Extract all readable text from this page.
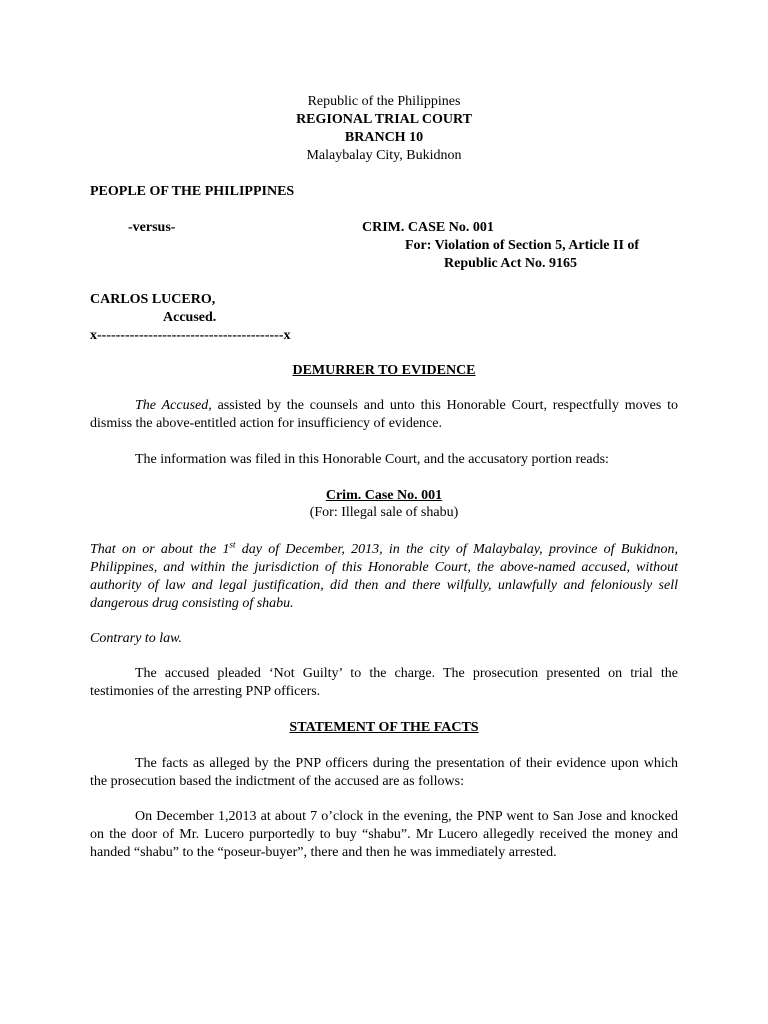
Republic of the Philippines
REGIONAL TRIAL COURT
BRANCH 10
Malaybalay City, Bukidnon
PEOPLE OF THE PHILIPPINES
-versus-	CRIM. CASE No. 001
For: Violation of Section 5, Article II of
Republic Act No. 9165
CARLOS LUCERO,
Accused.
x----------------------------------------x
DEMURRER TO EVIDENCE
The Accused, assisted by the counsels and unto this Honorable Court, respectfully moves to dismiss the above-entitled action for insufficiency of evidence.
The information was filed in this Honorable Court, and the accusatory portion reads:
Crim. Case No. 001
(For: Illegal sale of shabu)
That on or about the 1st day of December, 2013, in the city of Malaybalay, province of Bukidnon, Philippines, and within the jurisdiction of this Honorable Court, the above-named accused, without authority of law and legal justification, did then and there wilfully, unlawfully and feloniously sell dangerous drug consisting of shabu.
Contrary to law.
The accused pleaded ‘Not Guilty’ to the charge. The prosecution presented on trial the testimonies of the arresting PNP officers.
STATEMENT OF THE FACTS
The facts as alleged by the PNP officers during the presentation of their evidence upon which the prosecution based the indictment of the accused are as follows:
On December 1,2013 at about 7 o’clock in the evening, the PNP went to San Jose and knocked on the door of Mr. Lucero purportedly to buy “shabu”. Mr Lucero allegedly received the money and handed “shabu” to the “poseur-buyer”, there and then he was immediately arrested.
